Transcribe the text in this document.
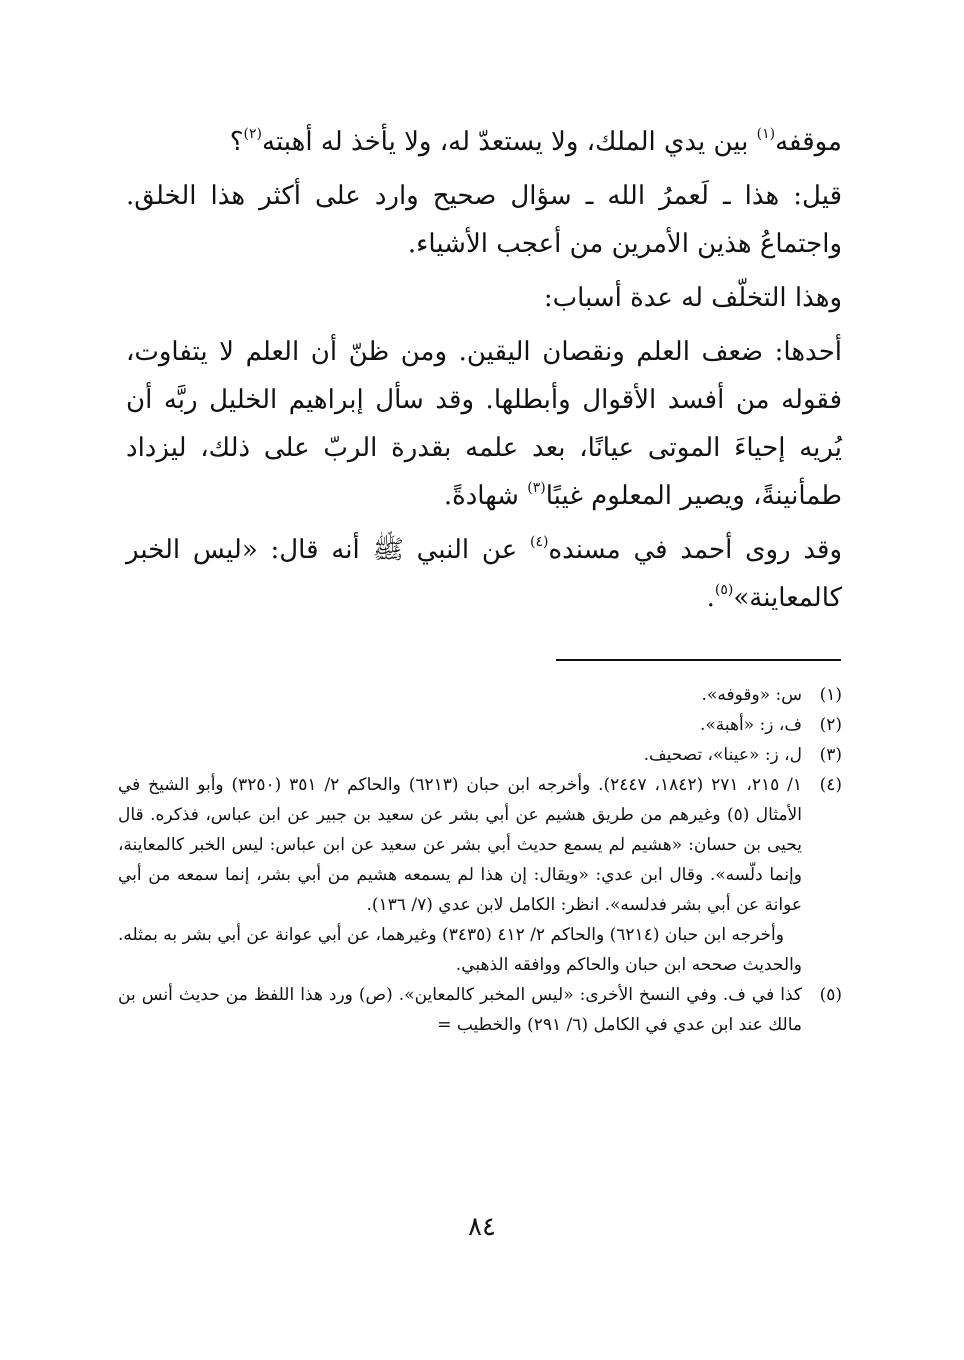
موقفه$^{(١)}$ بين يدي الملك، ولا يستعدّ له، ولا يأخذ له أهبته$^{(٢)}$؟

قيل: هذا ـ لَعمرُ الله ـ سؤال صحيح وارد على أكثر هذا الخلق. واجتماعُ هذين الأمرين من أعجب الأشياء.

وهذا التخلّف له عدة أسباب:

أحدها: ضعف العلم ونقصان اليقين. ومن ظنّ أن العلم لا يتفاوت، فقوله من أفسد الأقوال وأبطلها. وقد سأل إبراهيم الخليل ربَّه أن يُريه إحياءَ الموتى عيانًا، بعد علمه بقدرة الربّ على ذلك، ليزداد طمأنينةً، ويصير المعلوم غيبًا$^{(٣)}$ شهادةً.

وقد روى أحمد في مسنده$^{(٤)}$ عن النبي ﷺ أنه قال: «ليس الخبر كالمعاينة»$^{(٥)}$.

(١)

س: «وقوفه».

(٢)

ف، ز: «أهبة».

(٣)

ل، ز: «عينا»، تصحيف.

(٤)

١/ ٢١٥، ٢٧١ (١٨٤٢، ٢٤٤٧). وأخرجه ابن حبان (٦٢١٣) والحاكم ٢/ ٣٥١ (٣٢٥٠) وأبو الشيخ في الأمثال (٥) وغيرهم من طريق هشيم عن أبي بشر عن سعيد بن جبير عن ابن عباس، فذكره. قال يحيى بن حسان: «هشيم لم يسمع حديث أبي بشر عن سعيد عن ابن عباس: ليس الخبر كالمعاينة، وإنما دلّسه». وقال ابن عدي: «ويقال: إن هذا لم يسمعه هشيم من أبي بشر، إنما سمعه من أبي عوانة عن أبي بشر فدلسه». انظر: الكامل لابن عدي (٧/ ١٣٦).

وأخرجه ابن حبان (٦٢١٤) والحاكم ٢/ ٤١٢ (٣٤٣٥) وغيرهما، عن أبي عوانة عن أبي بشر به بمثله. والحديث صححه ابن حبان والحاكم ووافقه الذهبي.

(٥)

كذا في ف. وفي النسخ الأخرى: «ليس المخبر كالمعاين». (ص) ورد هذا اللفظ من حديث أنس بن مالك عند ابن عدي في الكامل (٦/ ٢٩١) والخطيب =

٨٤
